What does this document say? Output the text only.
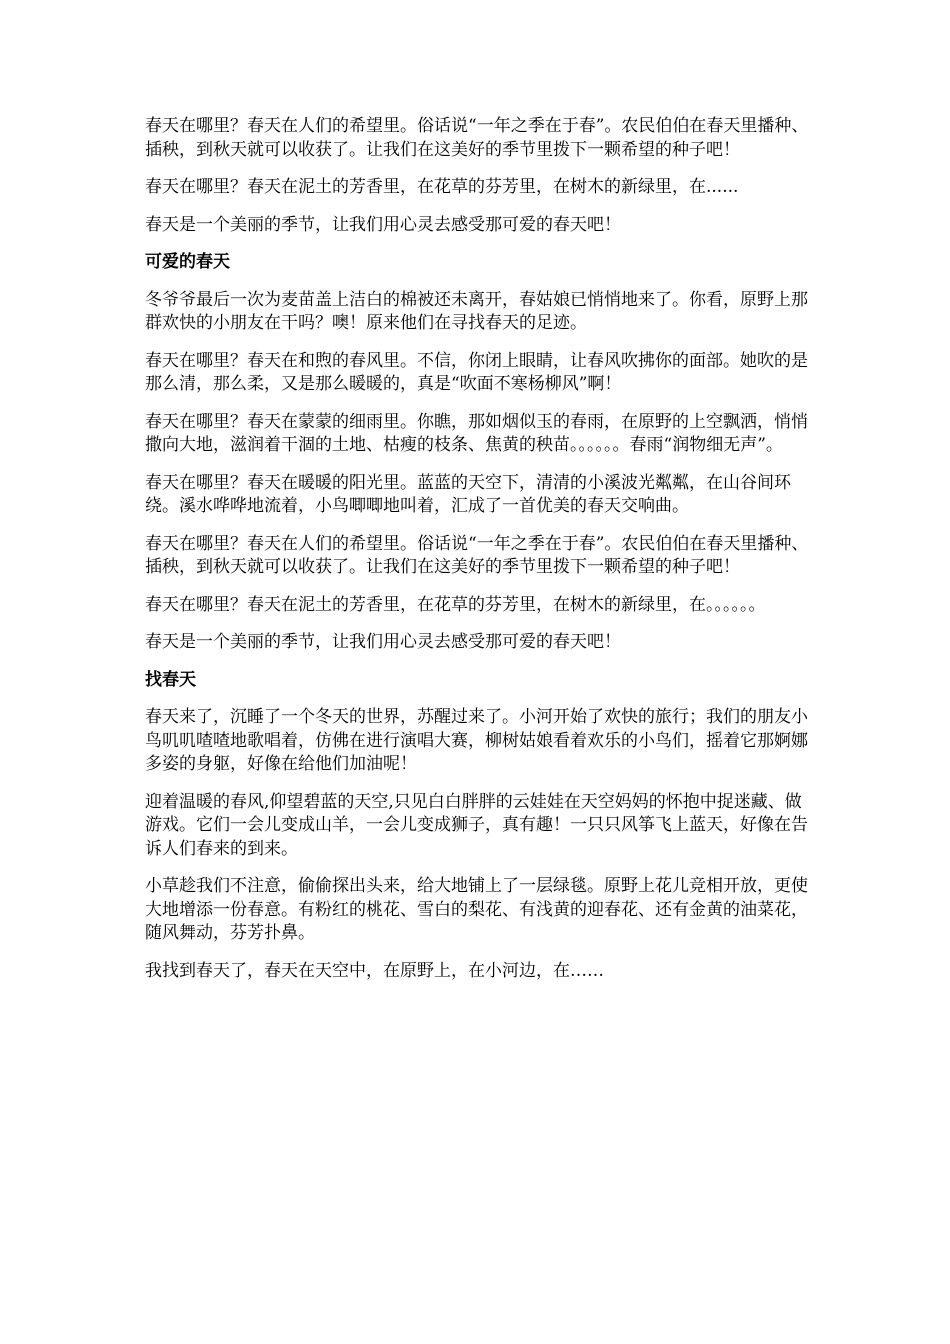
春天在哪里？春天在人们的希望里。俗话说“一年之季在于春”。农民伯伯在春天里播种、插秧，到秋天就可以收获了。让我们在这美好的季节里拨下一颗希望的种子吧！

春天在哪里？春天在泥土的芳香里，在花草的芬芳里，在树木的新绿里，在......

春天是一个美丽的季节，让我们用心灵去感受那可爱的春天吧！

可爱的春天

冬爷爷最后一次为麦苗盖上洁白的棉被还未离开，春姑娘已悄悄地来了。你看，原野上那群欢快的小朋友在干吗？噢！原来他们在寻找春天的足迹。

春天在哪里？春天在和煦的春风里。不信，你闭上眼睛，让春风吹拂你的面部。她吹的是那么清，那么柔，又是那么暖暖的，真是“吹面不寒杨柳风”啊！

春天在哪里？春天在蒙蒙的细雨里。你瞧，那如烟似玉的春雨，在原野的上空飘洒，悄悄撒向大地，滋润着干涸的土地、枯瘦的枝条、焦黄的秧苗。。。。。。春雨“润物细无声”。

春天在哪里？春天在暖暖的阳光里。蓝蓝的天空下，清清的小溪波光粼粼，在山谷间环绕。溪水哗哗地流着，小鸟唧唧地叫着，汇成了一首优美的春天交响曲。

春天在哪里？春天在人们的希望里。俗话说“一年之季在于春”。农民伯伯在春天里播种、插秧，到秋天就可以收获了。让我们在这美好的季节里拨下一颗希望的种子吧！

春天在哪里？春天在泥土的芳香里，在花草的芬芳里，在树木的新绿里，在。。。。。。

春天是一个美丽的季节，让我们用心灵去感受那可爱的春天吧！

找春天

春天来了，沉睡了一个冬天的世界，苏醒过来了。小河开始了欢快的旅行；我们的朋友小鸟叽叽喳喳地歌唱着，仿佛在进行演唱大赛，柳树姑娘看着欢乐的小鸟们，摇着它那婀娜多姿的身躯，好像在给他们加油呢！

迎着温暖的春风,仰望碧蓝的天空,只见白白胖胖的云娃娃在天空妈妈的怀抱中捉迷藏、做游戏。它们一会儿变成山羊，一会儿变成狮子，真有趣！一只只风筝飞上蓝天，好像在告诉人们春来的到来。

小草趁我们不注意，偷偷探出头来，给大地铺上了一层绿毯。原野上花儿竞相开放，更使大地增添一份春意。有粉红的桃花、雪白的梨花、有浅黄的迎春花、还有金黄的油菜花，随风舞动，芬芳扑鼻。

我找到春天了，春天在天空中，在原野上，在小河边，在……
